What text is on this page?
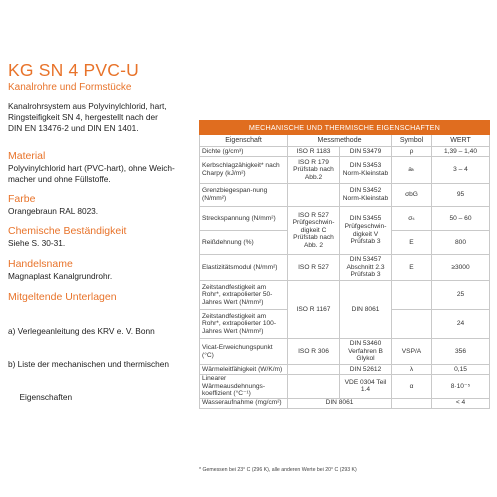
KG SN 4 PVC-U
Kanalrohre und Formstücke

Kanalrohrsystem aus Polyvinylchlorid, hart,

Ringsteifigkeit SN 4, hergestellt nach der

DIN EN 13476-2 und DIN EN 1401.

Material

Polyvinylchlorid hart (PVC-hart), ohne Weich-

macher und ohne Füllstoffe.

Farbe

Orangebraun RAL 8023.

Chemische Beständigkeit

Siehe S. 30-31.

Handelsname

Magnaplast Kanalgrundrohr.

Mitgeltende Unterlagen

a) Verlegeanleitung des KRV e. V. Bonn

b) Liste der mechanischen und thermischen

Eigenschaften

MECHANISCHE UND THERMISCHE EIGENSCHAFTEN				
Eigenschaft	Messmethode		Symbol	WERT
Dichte (g/cm³)	ISO R 1183	DIN 53479	ρ	1,39 – 1,40
Kerbschlagzähigkeit* nach Charpy (kJ/m²)	ISO R 179 Prüfstab nach Abb.2	DIN 53453 Norm-Kleinstab	aₖ	3 – 4
Grenzbiegespan-nung (N/mm²)		DIN 53452 Norm-Kleinstab	σbG	95
Streckspannung (N/mm²)	ISO R 527 Prüfgeschwin-digkeit C Prüfstab nach Abb. 2	DIN 53455 Prüfgeschwin-digkeit V Prüfstab 3	σₛ	50 – 60
Reißdehnung (%)			E	800
Elastizitätsmodul (N/mm²)	ISO R 527	DIN 53457 Abschnitt 2.3 Prüfstab 3	E	≥3000
Zeitstandfestigkeit am Rohr*, extrapolierter 50-Jahres Wert (N/mm²)	ISO R 1167	DIN 8061		25
Zeitstandfestigkeit am Rohr*, extrapolierter 100-Jahres Wert (N/mm²)				24
Vicat-Erweichungspunkt (°C)	ISO R 306	DIN 53460 Verfahren B Glykol	VSP/A	356
Wärmeleitfähigkeit (W/K/m)		DIN 52612	λ	0,15
Linearer Wärmeausdehnungs-koeffizient (°C⁻¹)		VDE 0304 Teil 1.4	α	8·10⁻⁵
Wasseraufnahme (mg/cm²)	DIN 8061			< 4
* Gemessen bei 23° C (296 K), alle anderen Werte bei 20° C (293 K)
